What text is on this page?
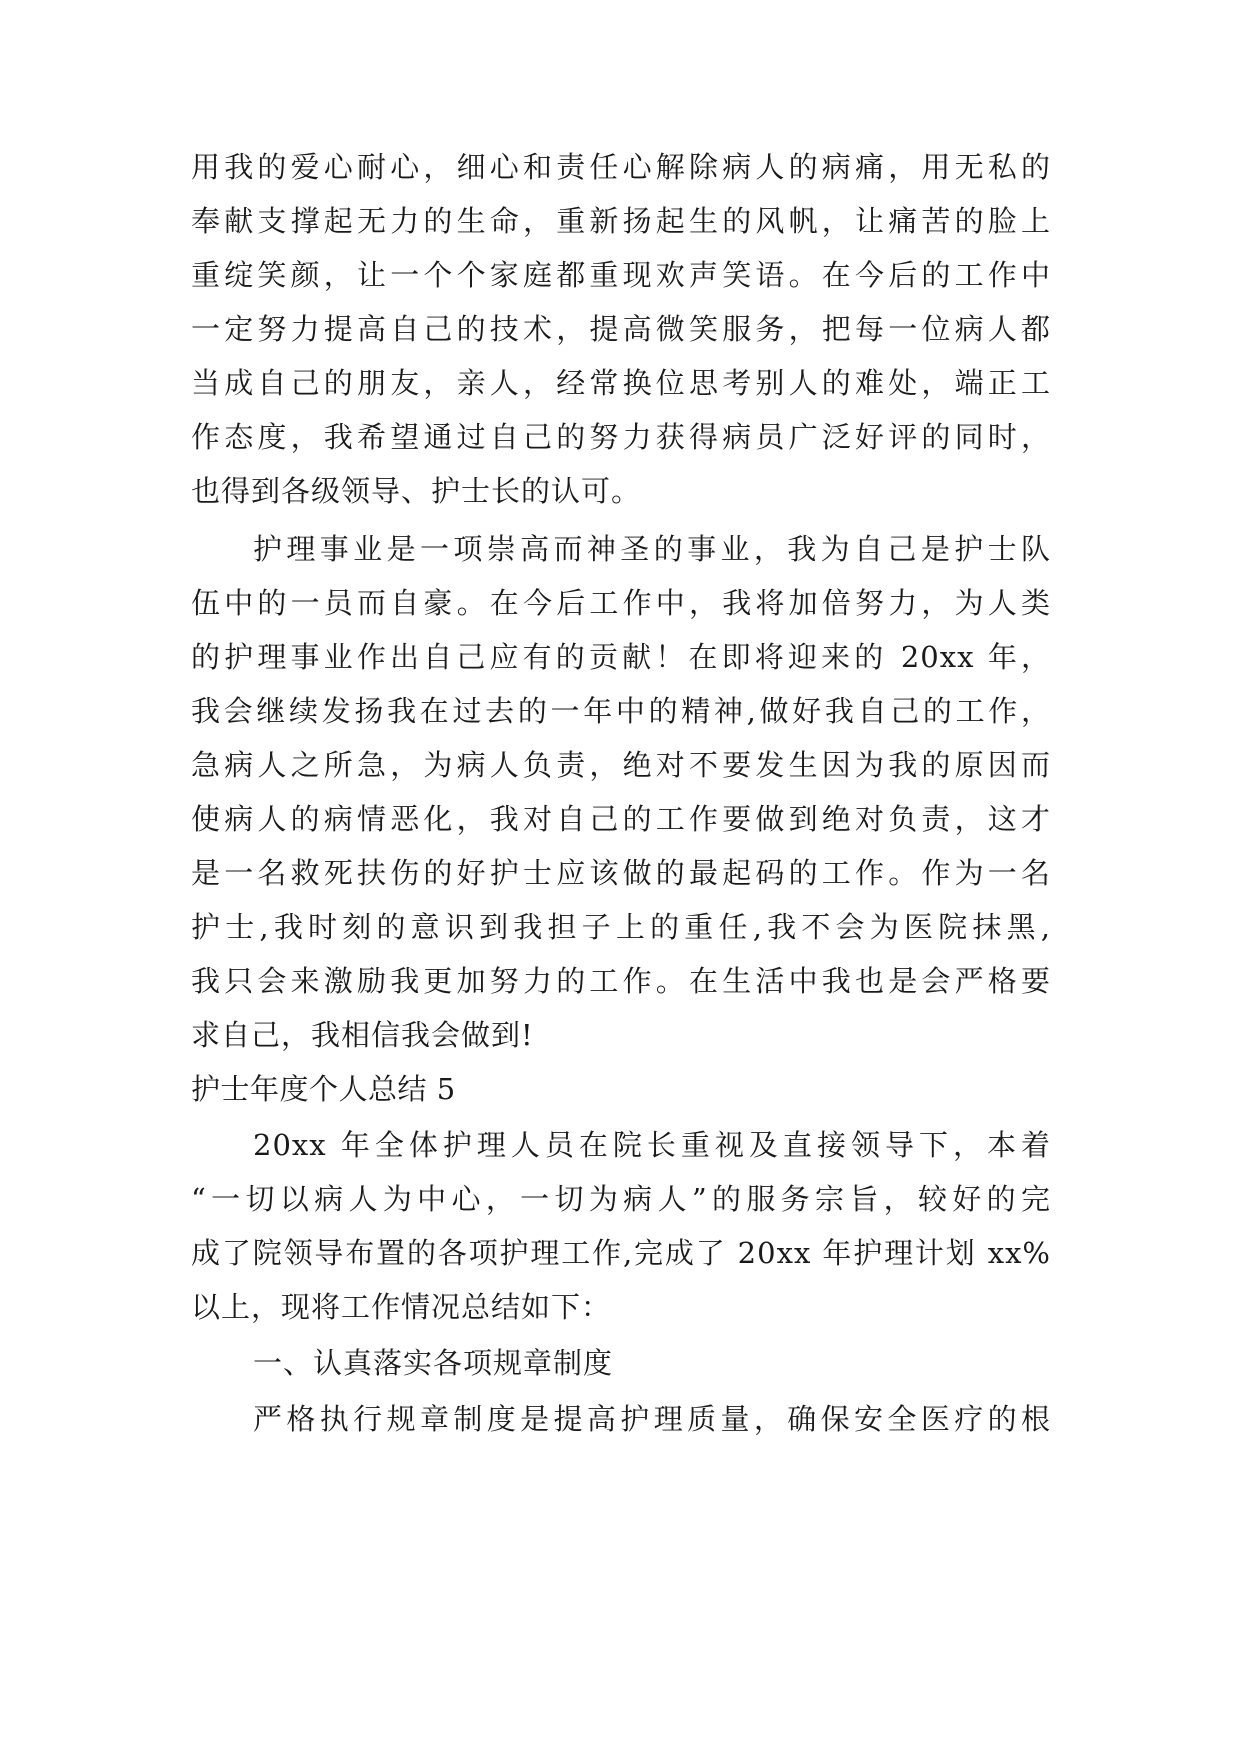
用我的爱心耐心，细心和责任心解除病人的病痛，用无私的
奉献支撑起无力的生命，重新扬起生的风帆，让痛苦的脸上
重绽笑颜，让一个个家庭都重现欢声笑语。在今后的工作中
一定努力提高自己的技术，提高微笑服务，把每一位病人都
当成自己的朋友，亲人，经常换位思考别人的难处，端正工
作态度，我希望通过自己的努力获得病员广泛好评的同时，
也得到各级领导、护士长的认可。
护理事业是一项崇高而神圣的事业，我为自己是护士队
伍中的一员而自豪。在今后工作中，我将加倍努力，为人类
的护理事业作出自己应有的贡献！在即将迎来的 20xx 年，
我会继续发扬我在过去的一年中的精神,做好我自己的工作，
急病人之所急，为病人负责，绝对不要发生因为我的原因而
使病人的病情恶化，我对自己的工作要做到绝对负责，这才
是一名救死扶伤的好护士应该做的最起码的工作。作为一名
护士,我时刻的意识到我担子上的重任,我不会为医院抹黑,
我只会来激励我更加努力的工作。在生活中我也是会严格要
求自己，我相信我会做到!
护士年度个人总结 5
20xx 年全体护理人员在院长重视及直接领导下，本着
“一切以病人为中心，一切为病人”的服务宗旨，较好的完
成了院领导布置的各项护理工作,完成了 20xx 年护理计划 xx%
以上，现将工作情况总结如下：
一、认真落实各项规章制度
严格执行规章制度是提高护理质量，确保安全医疗的根
